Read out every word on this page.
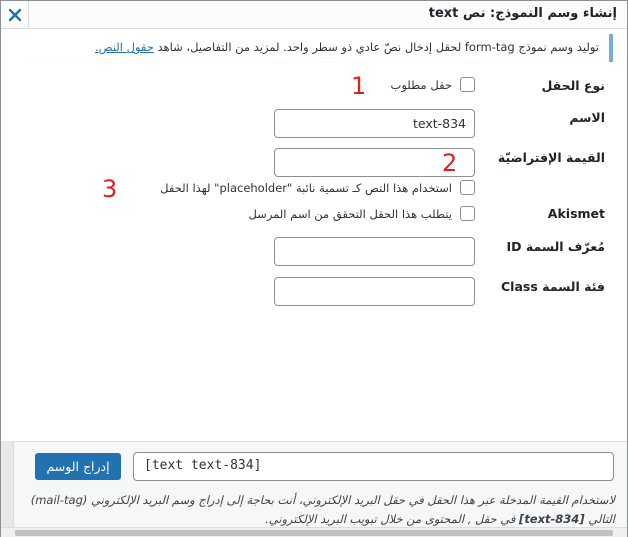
إنشاء وسم النموذج: نص text
توليد وسم نموذج form-tag لحقل إدخال نصّ عادي ذو سطر واحد. لمزيد من التفاصيل، شاهد حقول النص.
نوع الحقل
حقل مطلوب
1
الاسم
text-834
القيمة الإفتراضيّة
2
استخدام هذا النص كـ تسمية نائبة "placeholder" لهذا الحقل
3
Akismet
يتطلب هذا الحقل التحقق من اسم المرسل
مُعرّف السمة ID
فئة السمة Class
إدراج الوسم	[text text-834]
لاستخدام القيمة المدخلة عبر هذا الحقل في حقل البريد الإلكتروني، أنت بحاجة إلى إدراج وسم البريد الإلكتروني (mail-tag) التالي [text-834] في حقل , المحتوى من خلال تبويب البريد الإلكتروني.
